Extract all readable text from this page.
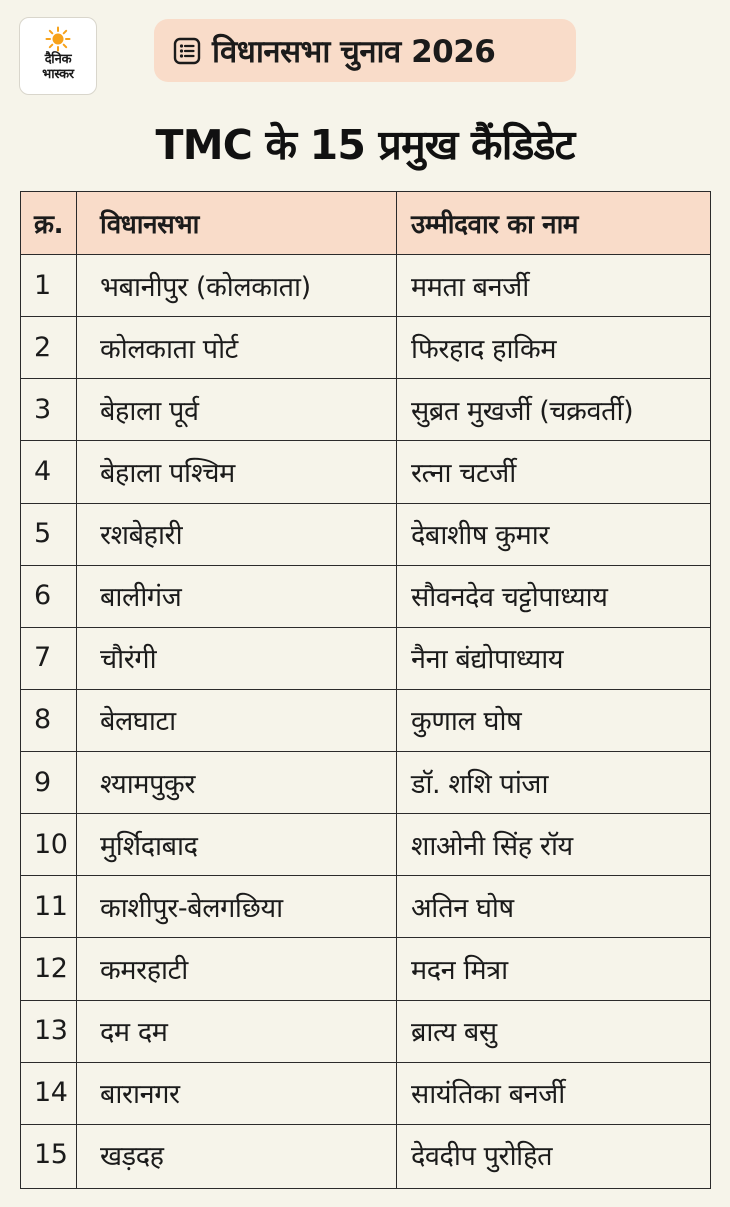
दैनिक
भास्कर
विधानसभा चुनाव 2026
TMC के 15 प्रमुख कैंडिडेट
क्र.	विधानसभा	उम्मीदवार का नाम
1	भबानीपुर (कोलकाता)	ममता बनर्जी
2	कोलकाता पोर्ट	फिरहाद हाकिम
3	बेहाला पूर्व	सुब्रत मुखर्जी (चक्रवर्ती)
4	बेहाला पश्चिम	रत्ना चटर्जी
5	रशबेहारी	देबाशीष कुमार
6	बालीगंज	सौवनदेव चट्टोपाध्याय
7	चौरंगी	नैना बंद्योपाध्याय
8	बेलघाटा	कुणाल घोष
9	श्यामपुकुर	डॉ. शशि पांजा
10	मुर्शिदाबाद	शाओनी सिंह रॉय
11	काशीपुर-बेलगछिया	अतिन घोष
12	कमरहाटी	मदन मित्रा
13	दम दम	ब्रात्य बसु
14	बारानगर	सायंतिका बनर्जी
15	खड़दह	देवदीप पुरोहित
